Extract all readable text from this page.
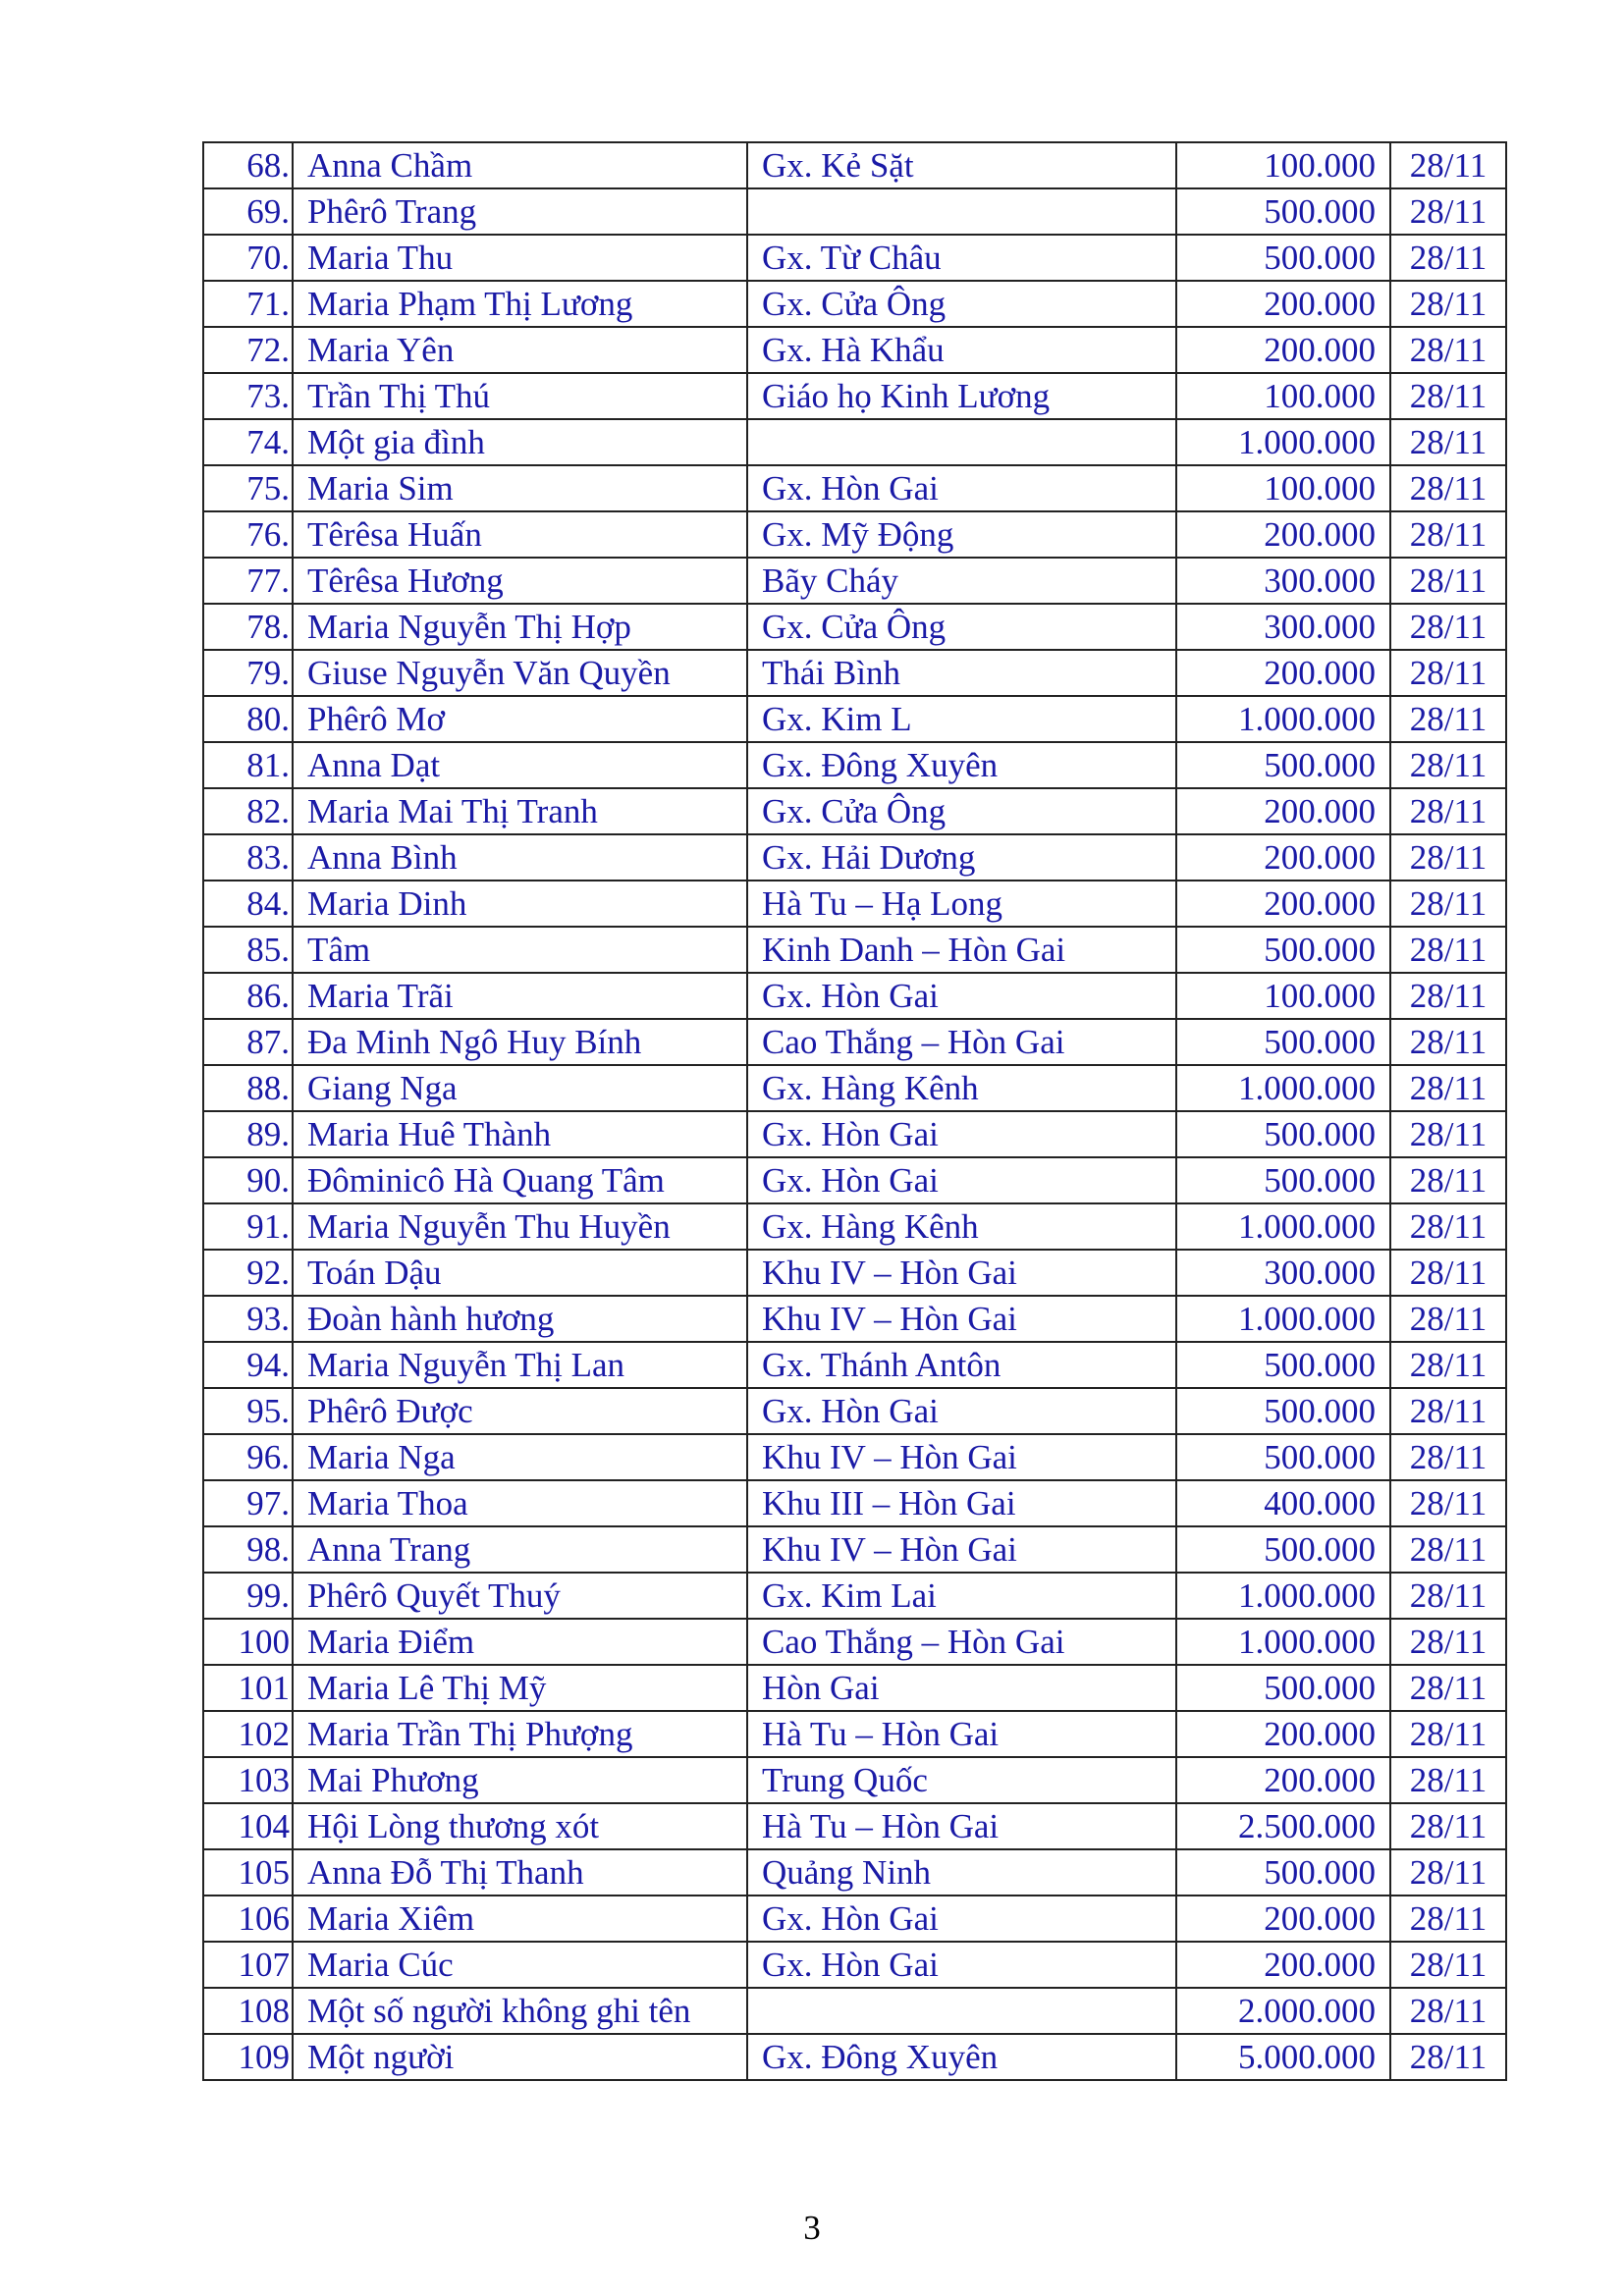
68.	Anna Chầm	Gx. Kẻ Sặt	100.000	28/11
69.	Phêrô Trang		500.000	28/11
70.	Maria Thu	Gx. Từ Châu	500.000	28/11
71.	Maria Phạm Thị Lương	Gx. Cửa Ông	200.000	28/11
72.	Maria Yên	Gx. Hà Khẩu	200.000	28/11
73.	Trần Thị Thú	Giáo họ Kinh Lương	100.000	28/11
74.	Một gia đình		1.000.000	28/11
75.	Maria Sim	Gx. Hòn Gai	100.000	28/11
76.	Têrêsa Huấn	Gx. Mỹ Động	200.000	28/11
77.	Têrêsa Hương	Bãy Cháy	300.000	28/11
78.	Maria Nguyễn Thị Hợp	Gx. Cửa Ông	300.000	28/11
79.	Giuse Nguyễn Văn Quyền	Thái Bình	200.000	28/11
80.	Phêrô Mơ	Gx. Kim L	1.000.000	28/11
81.	Anna Dạt	Gx. Đông Xuyên	500.000	28/11
82.	Maria Mai Thị Tranh	Gx. Cửa Ông	200.000	28/11
83.	Anna Bình	Gx. Hải Dương	200.000	28/11
84.	Maria Dinh	Hà Tu – Hạ Long	200.000	28/11
85.	Tâm	Kinh Danh – Hòn Gai	500.000	28/11
86.	Maria Trãi	Gx. Hòn Gai	100.000	28/11
87.	Đa Minh Ngô Huy Bính	Cao Thắng – Hòn Gai	500.000	28/11
88.	Giang Nga	Gx. Hàng Kênh	1.000.000	28/11
89.	Maria Huê Thành	Gx. Hòn Gai	500.000	28/11
90.	Đôminicô Hà Quang Tâm	Gx. Hòn Gai	500.000	28/11
91.	Maria Nguyễn Thu Huyền	Gx. Hàng Kênh	1.000.000	28/11
92.	Toán Dậu	Khu IV – Hòn Gai	300.000	28/11
93.	Đoàn hành hương	Khu IV – Hòn Gai	1.000.000	28/11
94.	Maria Nguyễn Thị Lan	Gx. Thánh Antôn	500.000	28/11
95.	Phêrô Được	Gx. Hòn Gai	500.000	28/11
96.	Maria Nga	Khu IV – Hòn Gai	500.000	28/11
97.	Maria Thoa	Khu III – Hòn Gai	400.000	28/11
98.	Anna Trang	Khu IV – Hòn Gai	500.000	28/11
99.	Phêrô Quyết Thuý	Gx. Kim Lai	1.000.000	28/11
100	Maria Điểm	Cao Thắng – Hòn Gai	1.000.000	28/11
101	Maria Lê Thị Mỹ	Hòn Gai	500.000	28/11
102	Maria Trần Thị Phượng	Hà Tu – Hòn Gai	200.000	28/11
103	Mai Phương	Trung Quốc	200.000	28/11
104	Hội Lòng thương xót	Hà Tu – Hòn Gai	2.500.000	28/11
105	Anna Đỗ Thị Thanh	Quảng Ninh	500.000	28/11
106	Maria Xiêm	Gx. Hòn Gai	200.000	28/11
107	Maria Cúc	Gx. Hòn Gai	200.000	28/11
108	Một số người không ghi tên		2.000.000	28/11
109	Một người	Gx. Đông Xuyên	5.000.000	28/11
3
